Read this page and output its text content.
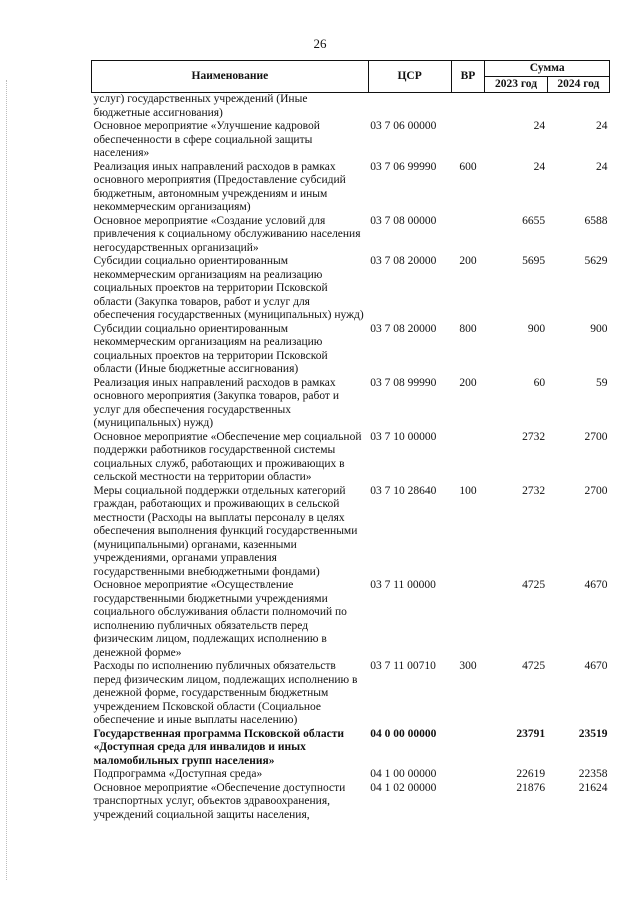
26
Наименование	ЦСР	ВР	Сумма	
			2023 год	2024 год
услуг) государственных учреждений (Иные бюджетные ассигнования)				
Основное мероприятие «Улучшение кадровой обеспеченности в сфере социальной защиты населения»	03 7 06 00000		24	24
Реализация иных направлений расходов в рамках основного мероприятия (Предоставление субсидий бюджетным, автономным учреждениям и иным некоммерческим организациям)	03 7 06 99990	600	24	24
Основное мероприятие «Создание условий для привлечения к социальному обслуживанию населения негосударственных организаций»	03 7 08 00000		6655	6588
Субсидии социально ориентированным некоммерческим организациям на реализацию социальных проектов на территории Псковской области (Закупка товаров, работ и услуг для обеспечения государственных (муниципальных) нужд)	03 7 08 20000	200	5695	5629
Субсидии социально ориентированным некоммерческим организациям на реализацию социальных проектов на территории Псковской области (Иные бюджетные ассигнования)	03 7 08 20000	800	900	900
Реализация иных направлений расходов в рамках основного мероприятия (Закупка товаров, работ и услуг для обеспечения государственных (муниципальных) нужд)	03 7 08 99990	200	60	59
Основное мероприятие «Обеспечение мер социальной поддержки работников государственной системы социальных служб, работающих и проживающих в сельской местности на территории области»	03 7 10 00000		2732	2700
Меры социальной поддержки отдельных категорий граждан, работающих и проживающих в сельской местности (Расходы на выплаты персоналу в целях обеспечения выполнения функций государственными (муниципальными) органами, казенными учреждениями, органами управления государственными внебюджетными фондами)	03 7 10 28640	100	2732	2700
Основное мероприятие «Осуществление государственными бюджетными учреждениями социального обслуживания области полномочий по исполнению публичных обязательств перед физическим лицом, подлежащих исполнению в денежной форме»	03 7 11 00000		4725	4670
Расходы по исполнению публичных обязательств перед физическим лицом, подлежащих исполнению в денежной форме, государственным бюджетным учреждением Псковской области (Социальное обеспечение и иные выплаты населению)	03 7 11 00710	300	4725	4670
Государственная программа Псковской области «Доступная среда для инвалидов и иных маломобильных групп населения»	04 0 00 00000		23791	23519
Подпрограмма «Доступная среда»	04 1 00 00000		22619	22358
Основное мероприятие «Обеспечение доступности транспортных услуг, объектов здравоохранения, учреждений социальной защиты населения,	04 1 02 00000		21876	21624
